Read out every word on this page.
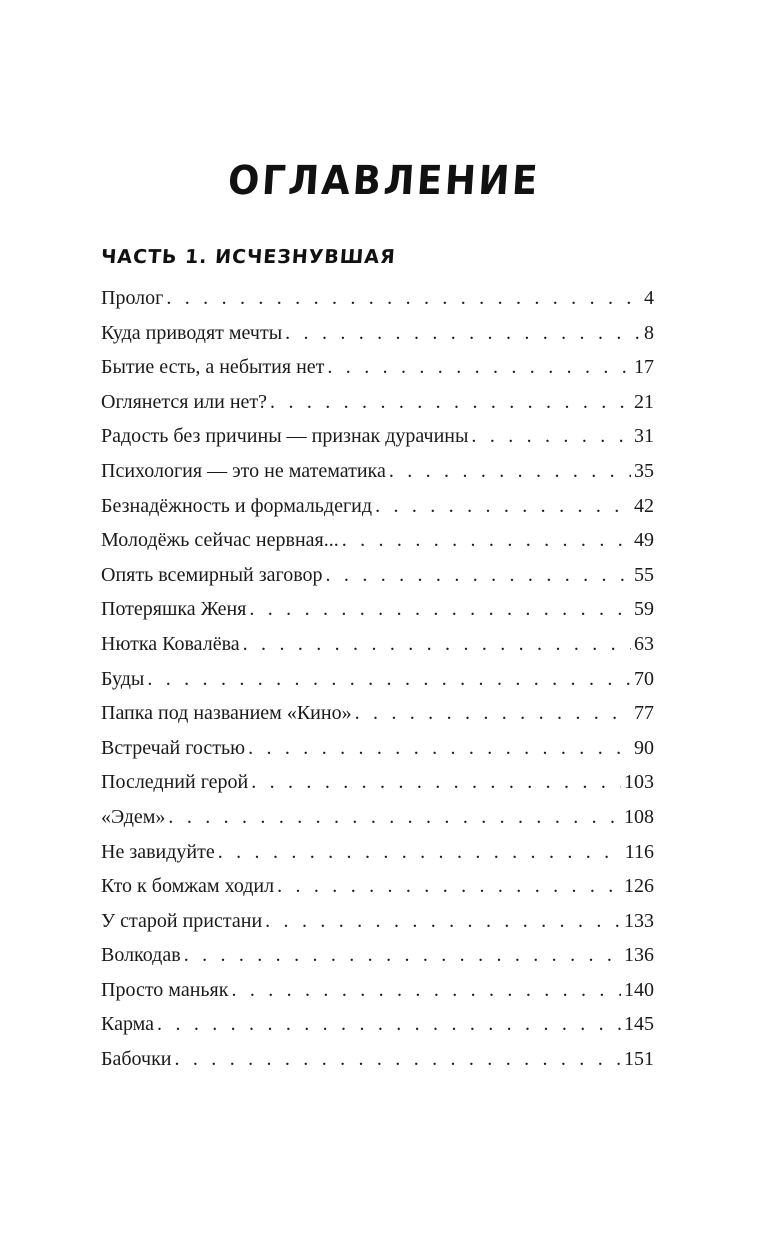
ОГЛАВЛЕНИЕ
ЧАСТЬ 1. ИСЧЕЗНУВШАЯ
Пролог . . .	4
Куда приводят мечты . . .	8
Бытие есть, а небытия нет . . .	17
Оглянется или нет? . . .	21
Радость без причины — признак дурачины . . .	31
Психология — это не математика . . .	35
Безнадёжность и формальдегид . . .	42
Молодёжь сейчас нервная... . . .	49
Опять всемирный заговор . . .	55
Потеряшка Женя . . .	59
Нютка Ковалёва . . .	63
Буды . . .	70
Папка под названием «Кино» . . .	77
Встречай гостью . . .	90
Последний герой . . .	103
«Эдем» . . .	108
Не завидуйте . . .	116
Кто к бомжам ходил . . .	126
У старой пристани . . .	133
Волкодав . . .	136
Просто маньяк . . .	140
Карма . . .	145
Бабочки . . .	151
